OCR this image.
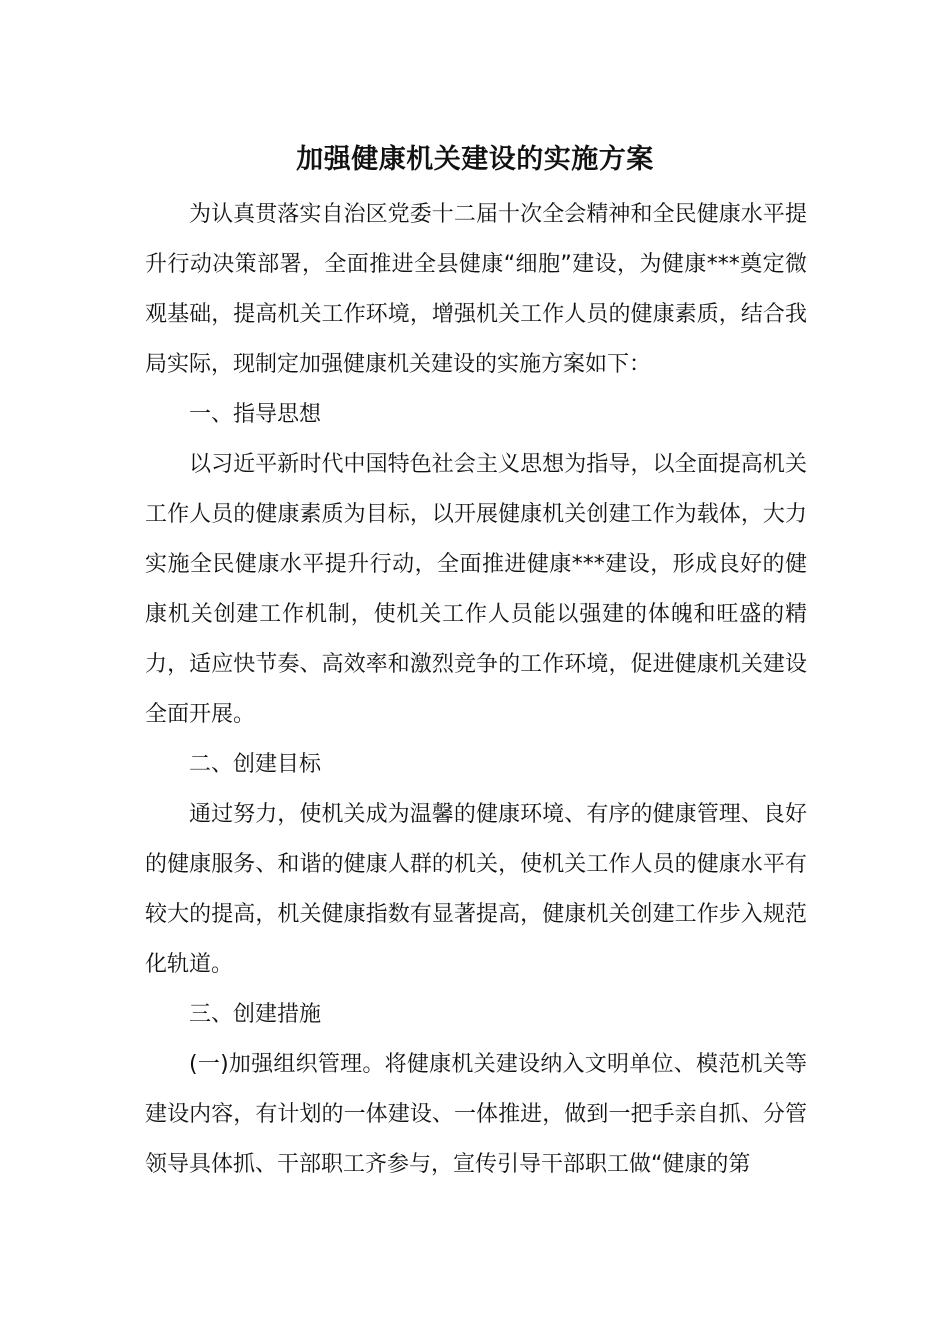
加强健康机关建设的实施方案

为认真贯落实自治区党委十二届十次全会精神和全民健康水平提升行动决策部署，全面推进全县健康“细胞”建设，为健康***奠定微观基础，提高机关工作环境，增强机关工作人员的健康素质，结合我局实际，现制定加强健康机关建设的实施方案如下：

一、指导思想

以习近平新时代中国特色社会主义思想为指导，以全面提高机关工作人员的健康素质为目标，以开展健康机关创建工作为载体，大力实施全民健康水平提升行动，全面推进健康***建设，形成良好的健康机关创建工作机制，使机关工作人员能以强建的体魄和旺盛的精力，适应快节奏、高效率和激烈竞争的工作环境，促进健康机关建设全面开展。

二、创建目标

通过努力，使机关成为温馨的健康环境、有序的健康管理、良好的健康服务、和谐的健康人群的机关，使机关工作人员的健康水平有较大的提高，机关健康指数有显著提高，健康机关创建工作步入规范化轨道。

三、创建措施

(一)加强组织管理。将健康机关建设纳入文明单位、模范机关等建设内容，有计划的一体建设、一体推进，做到一把手亲自抓、分管领导具体抓、干部职工齐参与，宣传引导干部职工做“健康的第
